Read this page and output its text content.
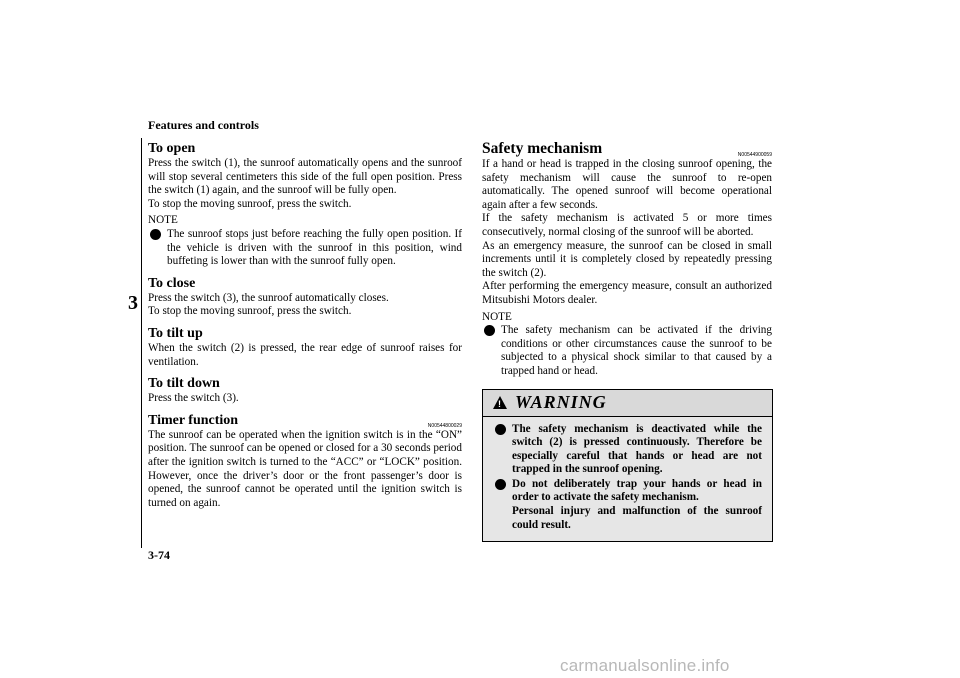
Features and controls
3
3-74
carmanualsonline.info
To open

Press the switch (1), the sunroof automatically opens and the sunroof will stop several centimeters this side of the full open position. Press the switch (1) again, and the sunroof will be fully open.

To stop the moving sunroof, press the switch.

NOTE
The sunroof stops just before reaching the fully open position. If the vehicle is driven with the sunroof in this position, wind buffeting is lower than with the sunroof fully open.
To close

Press the switch (3), the sunroof automatically closes.

To stop the moving sunroof, press the switch.

To tilt up

When the switch (2) is pressed, the rear edge of sunroof raises for ventilation.

To tilt down

Press the switch (3).

Timer function	N00544800029

The sunroof can be operated when the ignition switch is in the “ON” position. The sunroof can be opened or closed for a 30 seconds period after the ignition switch is turned to the “ACC” or “LOCK” position. However, once the driver’s door or the front passenger’s door is opened, the sunroof cannot be operated until the ignition switch is turned on again.

Safety mechanism	N00544900059

If a hand or head is trapped in the closing sunroof opening, the safety mechanism will cause the sunroof to re-open automatically. The opened sunroof will become operational again after a few seconds.

If the safety mechanism is activated 5 or more times consecutively, normal closing of the sunroof will be aborted.

As an emergency measure, the sunroof can be closed in small increments until it is completely closed by repeatedly pressing the switch (2).

After performing the emergency measure, consult an authorized Mitsubishi Motors dealer.

NOTE
The safety mechanism can be activated if the driving conditions or other circumstances cause the sunroof to be subjected to a physical shock similar to that caused by a trapped hand or head.
!
WARNING
The safety mechanism is deactivated while the switch (2) is pressed continuously. Therefore be especially careful that hands or head are not trapped in the sunroof opening.
Do not deliberately trap your hands or head in order to activate the safety mechanism.
Personal injury and malfunction of the sunroof could result.
